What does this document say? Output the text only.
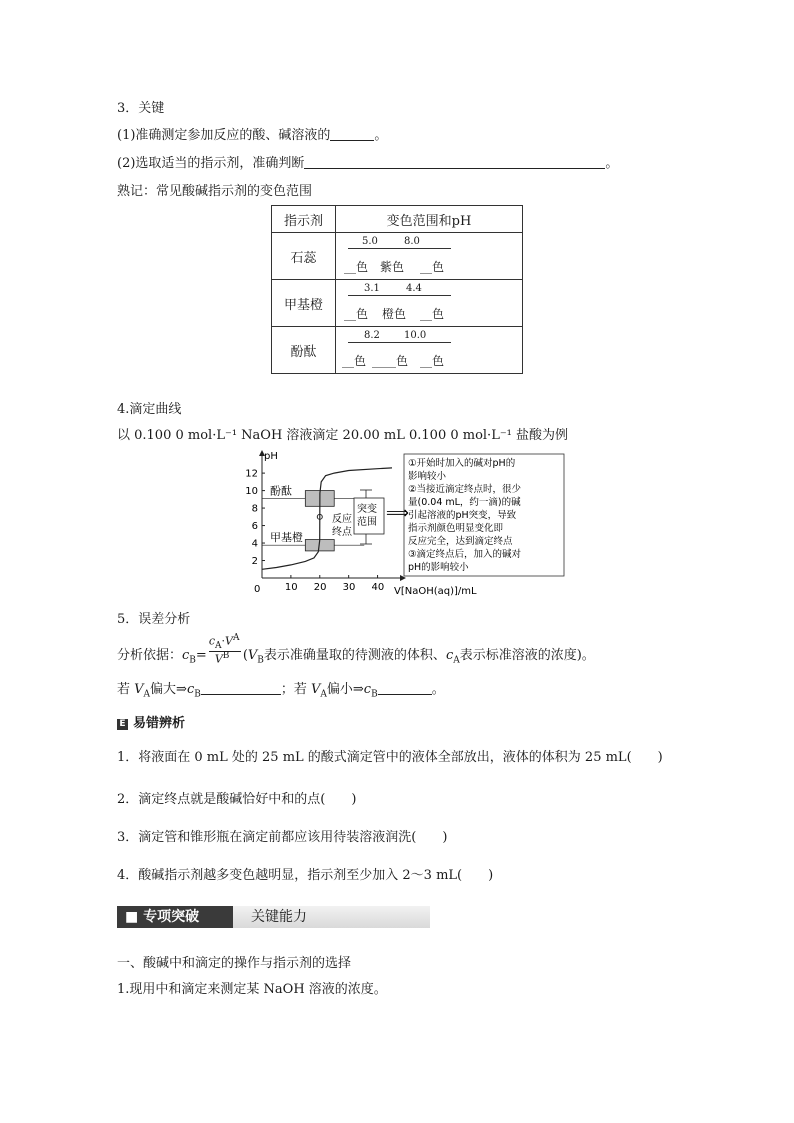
3．关键
(1)准确测定参加反应的酸、碱溶液的	。
(2)选取适当的指示剂，准确判断	。
熟记：常见酸碱指示剂的变色范围
指示剂	变色范围和pH
石蕊	5.0 8.0
__色 紫色 __色

甲基橙	3.1 4.4
__色 橙色 __色

酚酞	8.2 10.0
__色 ____色 __色
4.滴定曲线
以 0.100 0 mol·L⁻¹ NaOH 溶液滴定 20.00 mL 0.100 0 mol·L⁻¹ 盐酸为例
酚酞
甲基橙
10 20 30 40
2
4
6
8
10
12
pH
V[NaOH(aq)]/mL
0
反应 终点
突变 范围
⟹
①开始时加入的碱对pH的
影响较小
②当接近滴定终点时，很少
量(0.04 mL，约一滴)的碱
引起溶液的pH突变，导致
指示剂颜色明显变化即
反应完全，达到滴定终点
③滴定终点后，加入的碱对
pH的影响较小
5．误差分析
分析依据：$c_B= \frac{c_A\cdot V^A}{V^B} (V_B$表示准确量取的待测液的体积、$c_A$表示标准溶液的浓度)。
若 $V_A$偏大$\Rightarrow c_B$	；若 $V_A$偏小$\Rightarrow c_B$	。
E 易错辨析
1．将液面在 0 mL 处的 25 mL 的酸式滴定管中的液体全部放出，液体的体积为 25 mL(　　)
2．滴定终点就是酸碱恰好中和的点(　　)
3．滴定管和锥形瓶在滴定前都应该用待装溶液润洗(　　)
4．酸碱指示剂越多变色越明显，指示剂至少加入 2～3 mL(　　)
■ 专项突破	关键能力
一、酸碱中和滴定的操作与指示剂的选择
1.现用中和滴定来测定某 NaOH 溶液的浓度。
